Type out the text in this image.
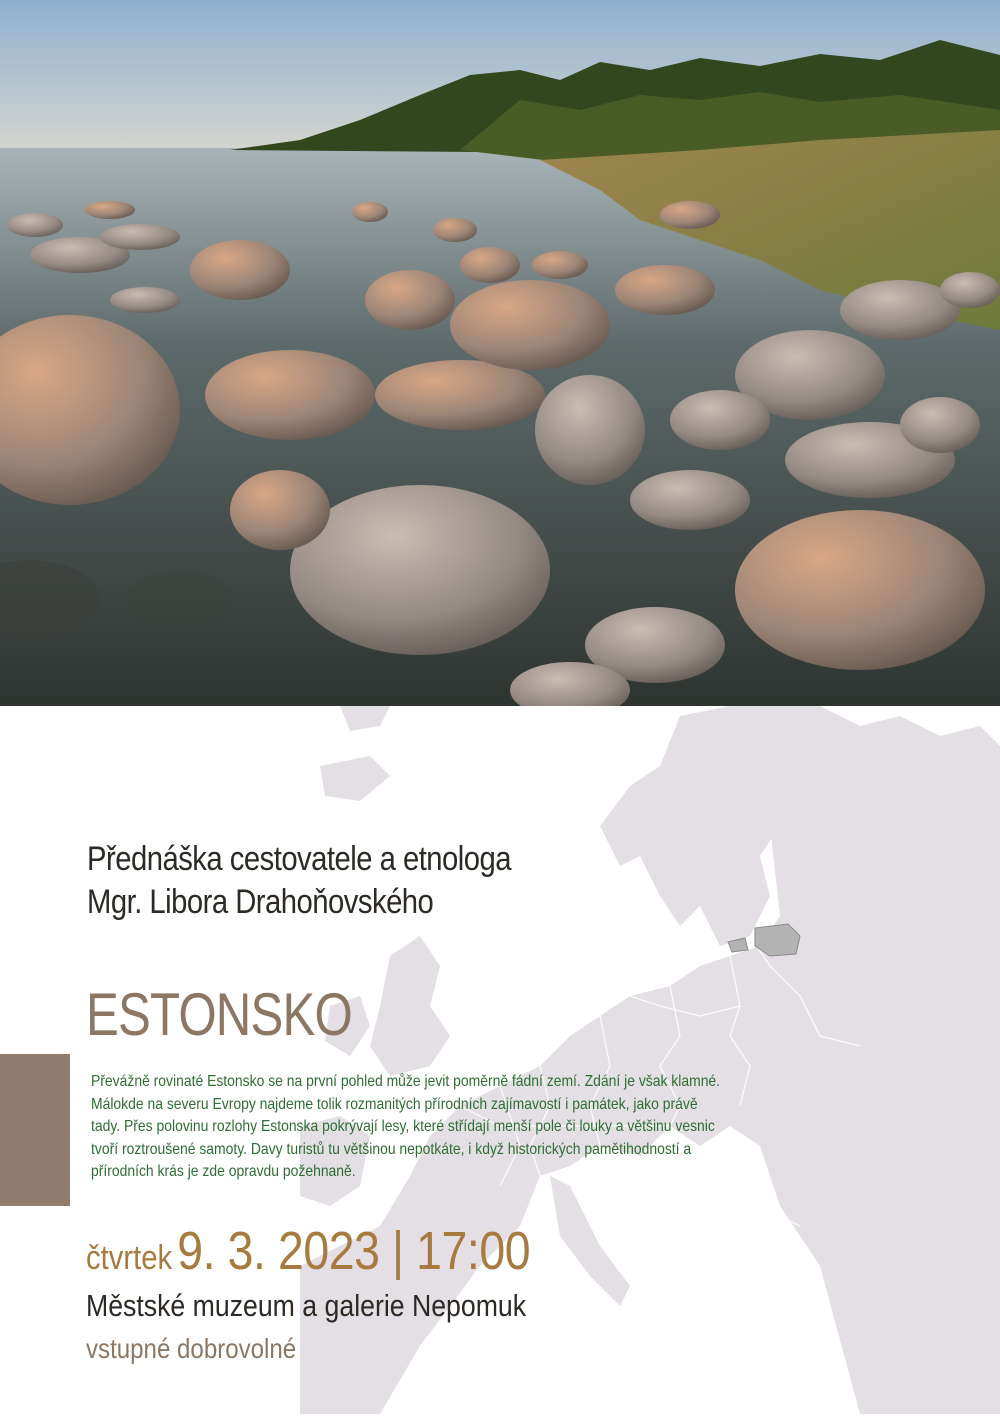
Přednáška cestovatele a etnologa
Mgr. Libora Drahoňovského
ESTONSKO
Převážně rovinaté Estonsko se na první pohled může jevit poměrně fádní zemí. Zdání je však klamné.
Málokde na severu Evropy najdeme tolik rozmanitých přírodních zajímavostí i památek, jako právě
tady. Přes polovinu rozlohy Estonska pokrývají lesy, které střídají menší pole či louky a většinu vesnic
tvoří roztroušené samoty. Davy turistů tu většinou nepotkáte, i když historických pamětihodností a
přírodních krás je zde opravdu požehnaně.
čtvrtek9. 3. 2023 | 17:00
Městské muzeum a galerie Nepomuk
vstupné dobrovolné
